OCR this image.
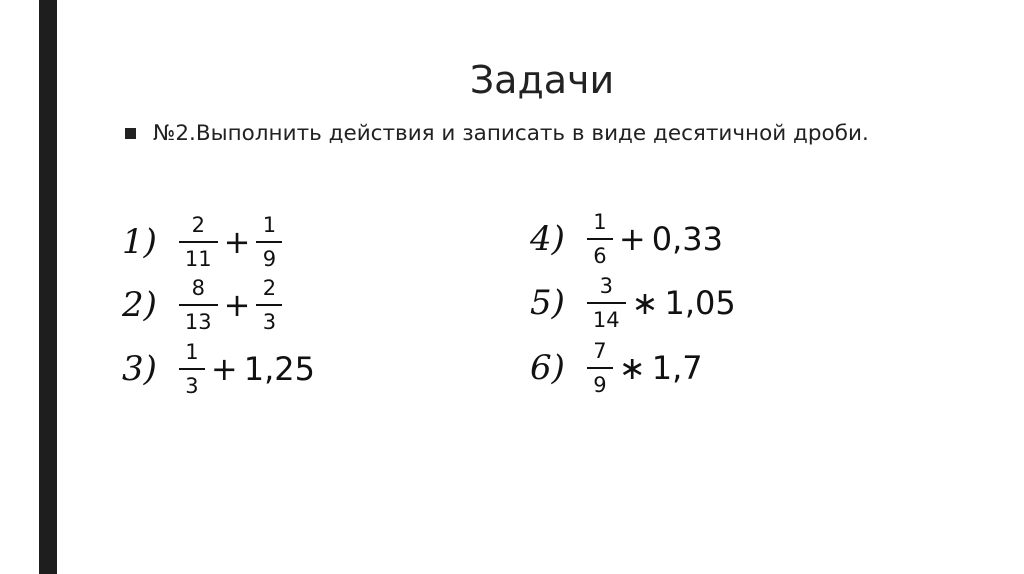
Задачи
№2.Выполнить действия и записать в виде десятичной дроби.
$1) \frac{2}{11} + \frac{1}{9}$
$2) \frac{8}{13} + \frac{2}{3}$
$3) \frac{1}{3} + 1,25$
$4) \frac{1}{6} + 0,33$
$5) \frac{3}{14}$ ∗ 1,05
$6) \frac{7}{9}$ ∗ 1,7
